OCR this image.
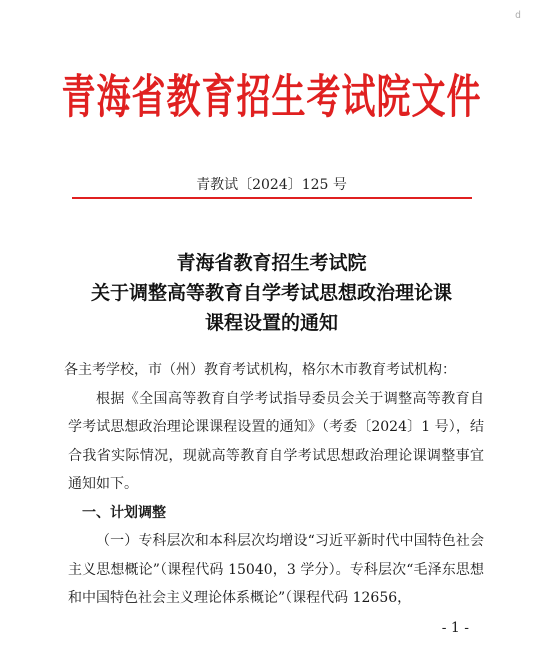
d
青海省教育招生考试院文件
青教试〔2024〕125 号
青海省教育招生考试院
关于调整高等教育自学考试思想政治理论课
课程设置的通知

各主考学校，市（州）教育考试机构，格尔木市教育考试机构：

根据《全国高等教育自学考试指导委员会关于调整高等教育自学考试思想政治理论课课程设置的通知》（考委〔2024〕1 号），结合我省实际情况，现就高等教育自学考试思想政治理论课调整事宜通知如下。

一、计划调整

（一）专科层次和本科层次均增设“习近平新时代中国特色社会主义思想概论”（课程代码 15040，3 学分）。专科层次“毛泽东思想和中国特色社会主义理论体系概论”（课程代码 12656，

- 1 -
